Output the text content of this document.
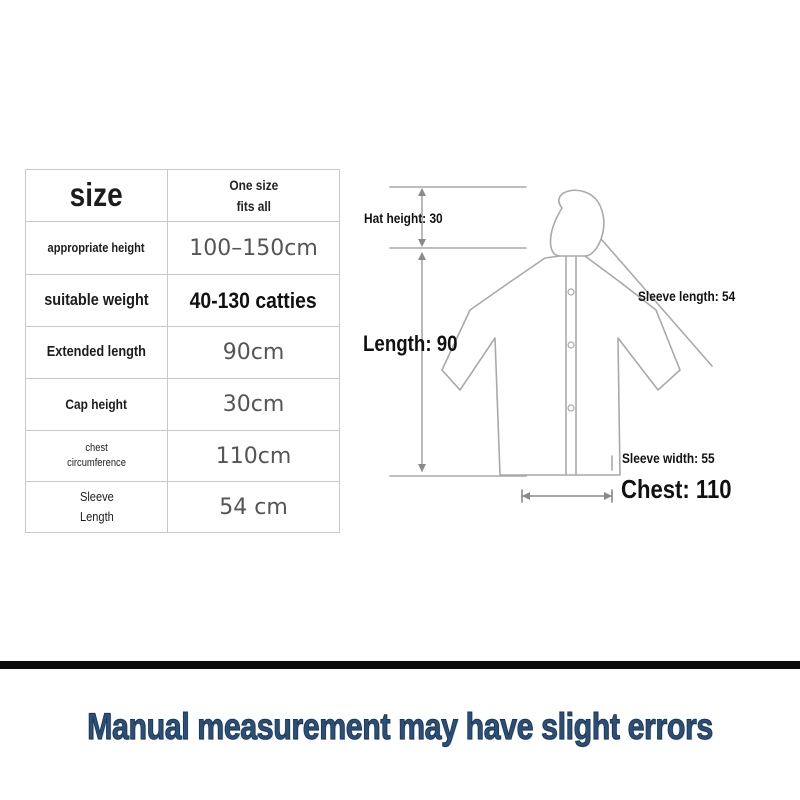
size	One size
fits all
appropriate height 100–150cm
suitable weight 40-130 catties
Extended length	90cm
Cap height	30cm
chest
circumference	110cm
Sleeve
Length	54 cm
Hat height: 30
Length: 90
Sleeve length: 54
Sleeve width: 55
Chest: 110
Manual measurement may have slight errors
